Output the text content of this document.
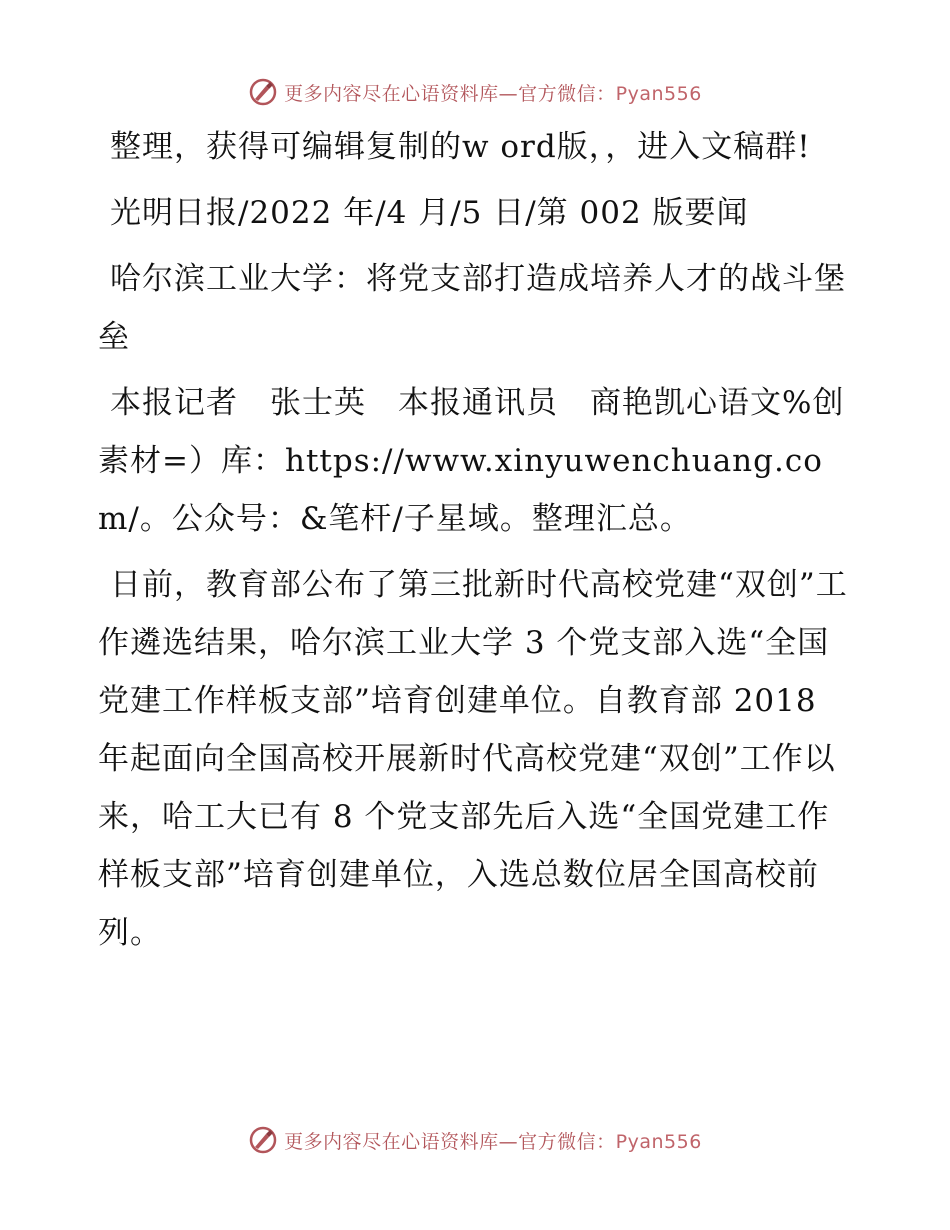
更多内容尽在心语资料库—官方微信：Pyan556

整理，获得可编辑复制的w ord版，，进入文稿群!

光明日报/2022 年/4 月/5 日/第 002 版要闻

哈尔滨工业大学：将党支部打造成培养人才的战斗堡垒

本报记者　张士英　本报通讯员　商艳凯心语文%创素材=）库：https://www.xinyuwenchuang.com/。公众号：&笔杆/子星域。整理汇总。

日前，教育部公布了第三批新时代高校党建“双创”工作遴选结果，哈尔滨工业大学 3 个党支部入选“全国党建工作样板支部”培育创建单位。自教育部 2018 年起面向全国高校开展新时代高校党建“双创”工作以来，哈工大已有 8 个党支部先后入选“全国党建工作样板支部”培育创建单位，入选总数位居全国高校前列。

更多内容尽在心语资料库—官方微信：Pyan556
